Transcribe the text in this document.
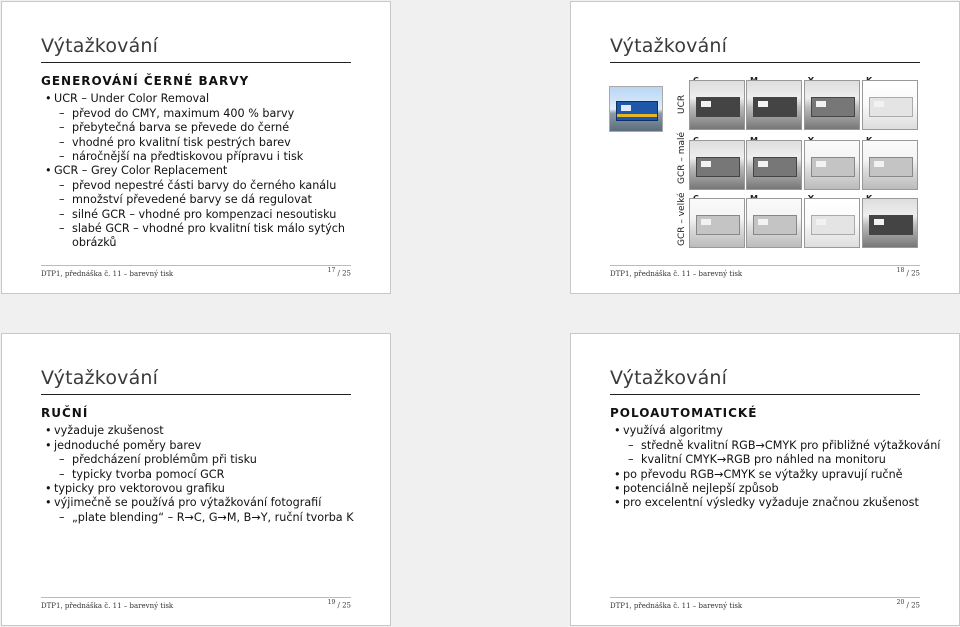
Výtažkování
GENEROVÁNÍ ČERNÉ BARVY
• UCR – Under Color Removal
– převod do CMY, maximum 400 % barvy
– přebytečná barva se převede do černé
– vhodné pro kvalitní tisk pestrých barev
– náročnější na předtiskovou přípravu i tisk
• GCR – Grey Color Replacement
– převod nepestré části barvy do černého kanálu
– množství převedené barvy se dá regulovat
– silné GCR – vhodné pro kompenzaci nesoutisku
– slabé GCR – vhodné pro kvalitní tisk málo sytých
obrázků
DTP1, přednáška č. 11 – barevný tisk	$^{17}$ / 25
Výtažkování
UCR
GCR – malé
GCR – velké
DTP1, přednáška č. 11 – barevný tisk	$^{18}$ / 25
Výtažkování
RUČNÍ
• vyžaduje zkušenost
• jednoduché poměry barev
– předcházení problémům při tisku
– typicky tvorba pomocí GCR
• typicky pro vektorovou grafiku
• výjimečně se používá pro výtažkování fotografií
– „plate blending“ – R→C, G→M, B→Y, ruční tvorba K
DTP1, přednáška č. 11 – barevný tisk	$^{19}$ / 25
Výtažkování
POLOAUTOMATICKÉ
• využívá algoritmy
– středně kvalitní RGB→CMYK pro přibližné výtažkování
– kvalitní CMYK→RGB pro náhled na monitoru
• po převodu RGB→CMYK se výtažky upravují ručně
• potenciálně nejlepší způsob
• pro excelentní výsledky vyžaduje značnou zkušenost
DTP1, přednáška č. 11 – barevný tisk	$^{20}$ / 25
